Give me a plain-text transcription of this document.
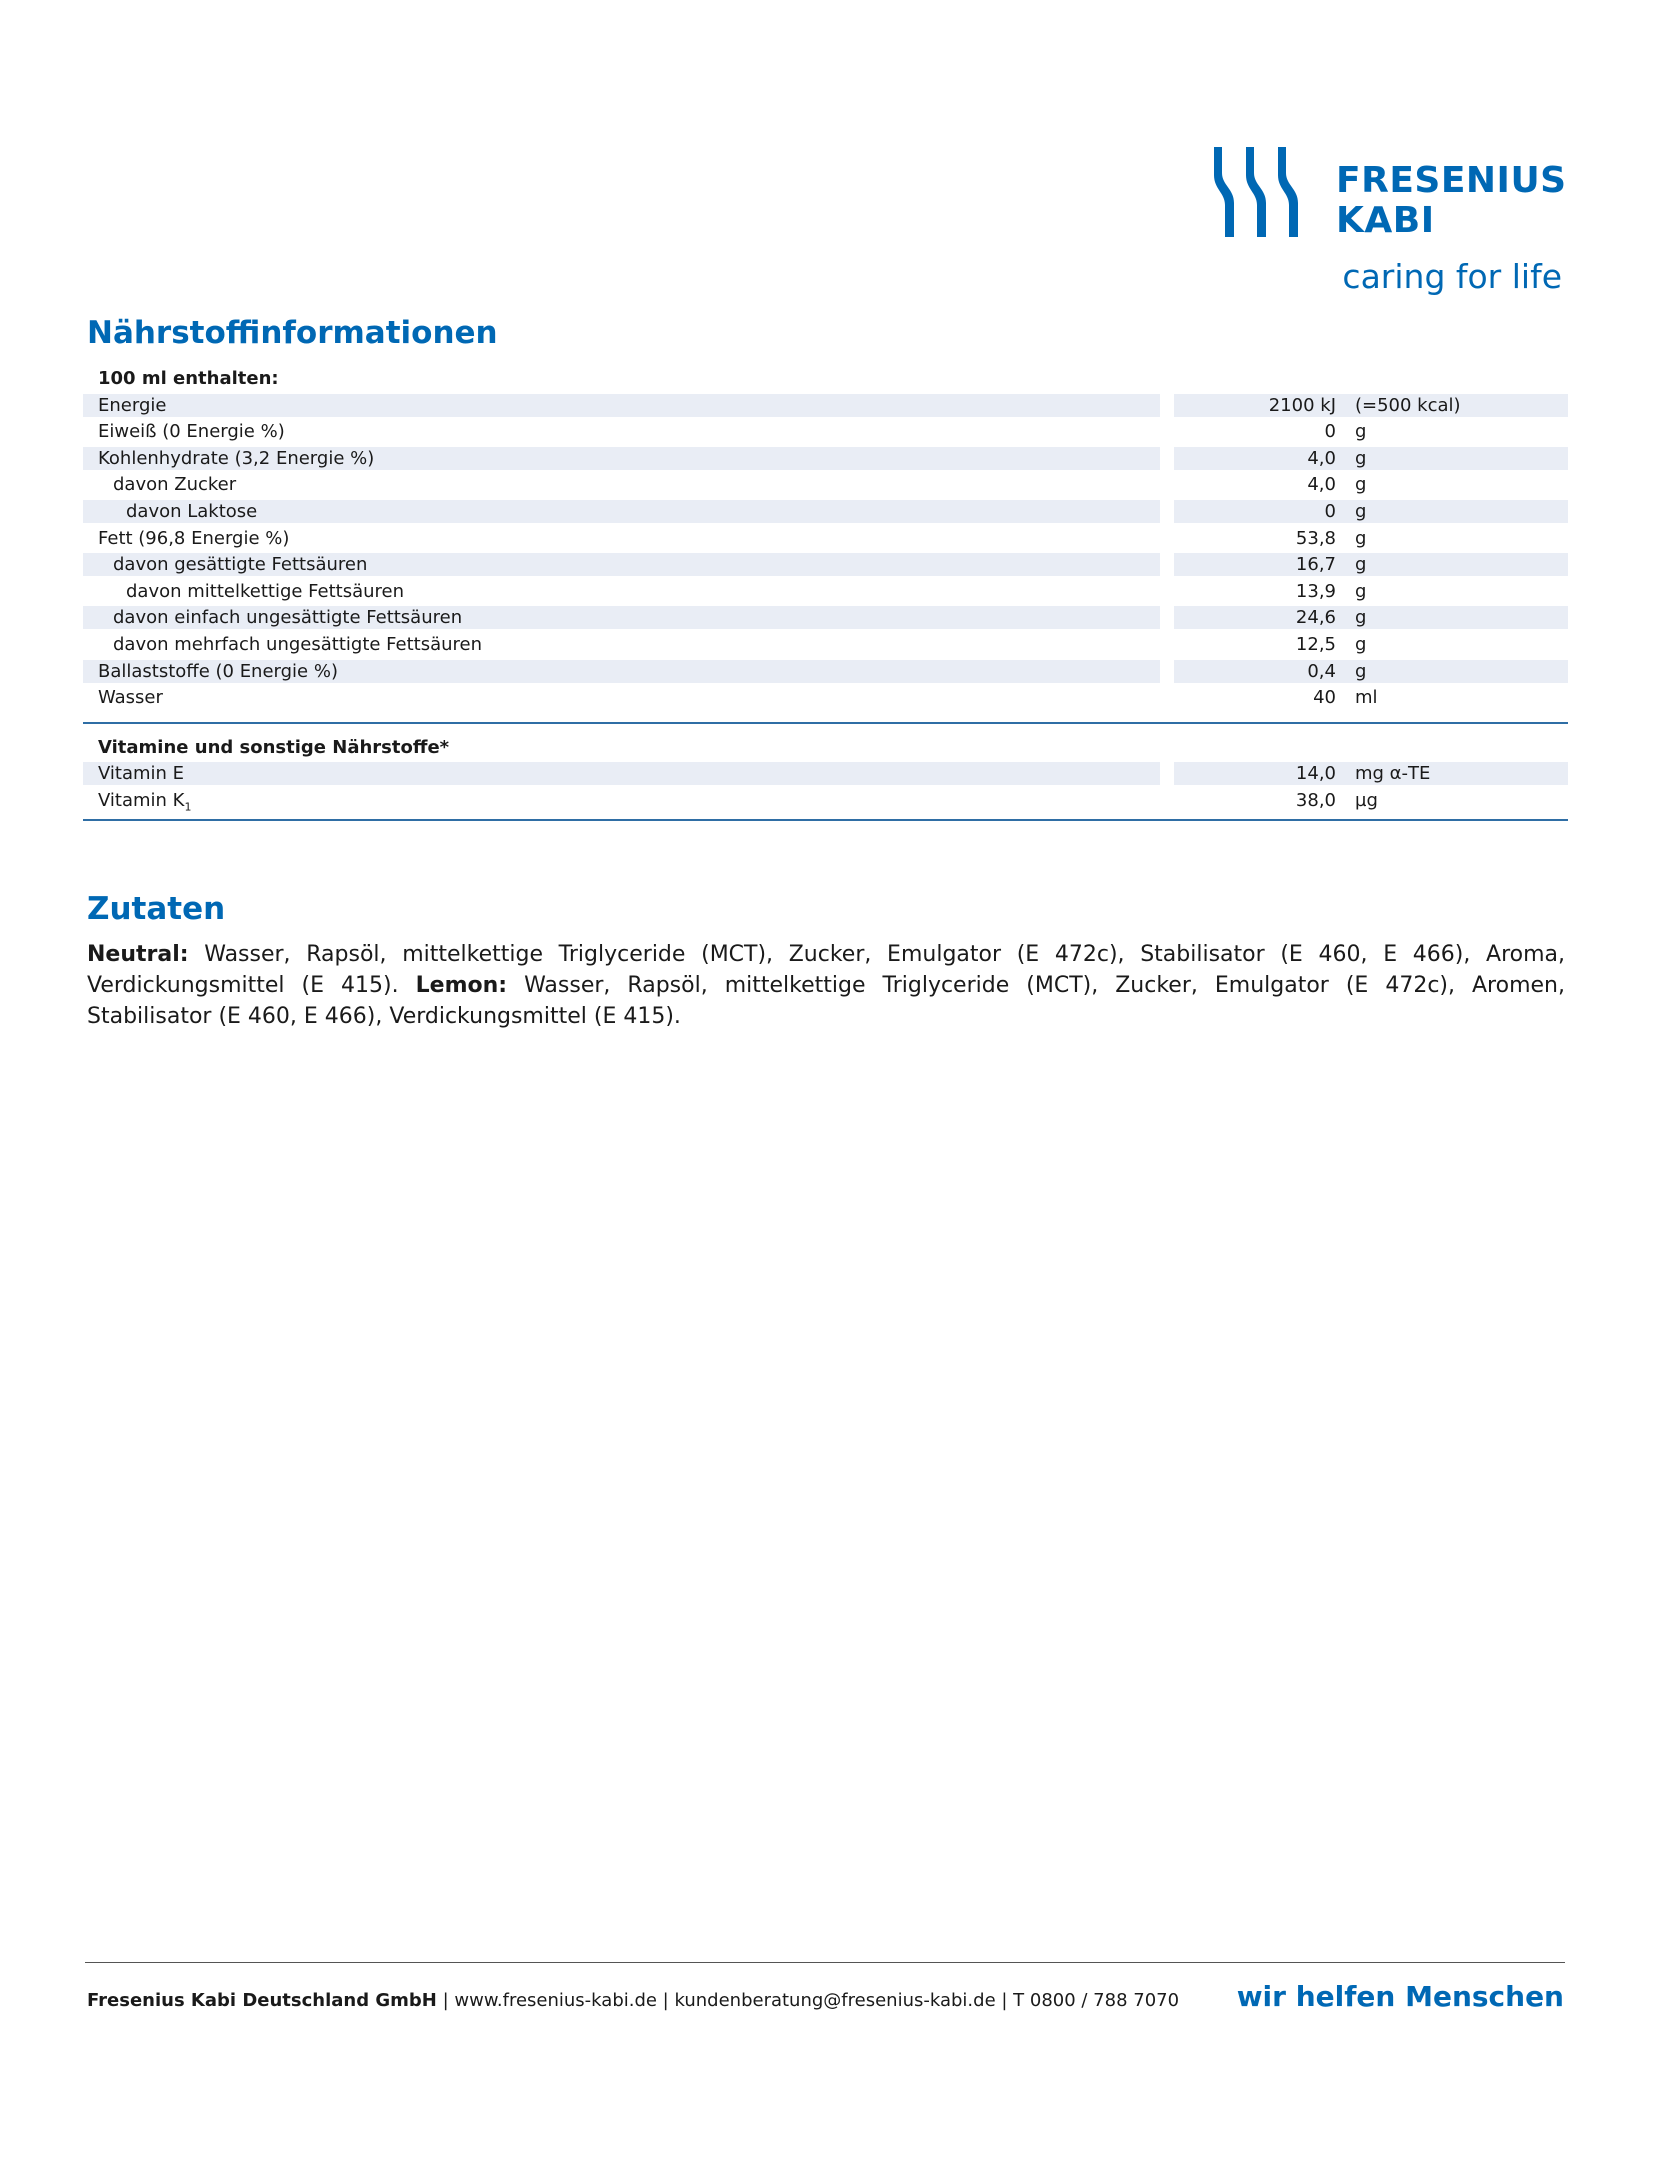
FRESENIUS
KABI
caring for life
Nährstoffinformationen
100 ml enthalten:
Energie	2100 kJ (=500 kcal)
Eiweiß (0 Energie %)	0 g
Kohlenhydrate (3,2 Energie %)	4,0 g
davon Zucker	4,0 g
davon Laktose	0 g
Fett (96,8 Energie %)	53,8 g
davon gesättigte Fettsäuren	16,7 g
davon mittelkettige Fettsäuren	13,9 g
davon einfach ungesättigte Fettsäuren	24,6 g
davon mehrfach ungesättigte Fettsäuren	12,5 g
Ballaststoffe (0 Energie %)	0,4 g
Wasser	40 ml
Vitamine und sonstige Nährstoffe*
Vitamin E	14,0 mg α-TE
Vitamin $K_1$	38,0 µg
Zutaten

Neutral: Wasser, Rapsöl, mittelkettige Triglyceride (MCT), Zucker, Emulgator (E 472c), Stabilisator (E 460, E 466), Aroma, Verdickungsmittel (E 415). Lemon: Wasser, Rapsöl, mittelkettige Triglyceride (MCT), Zucker, Emulgator (E 472c), Aromen, Stabilisator (E 460, E 466), Verdickungsmittel (E 415).

Fresenius Kabi Deutschland GmbH | www.fresenius-kabi.de | kundenberatung@fresenius-kabi.de | T 0800 / 788 7070 wir helfen Menschen
